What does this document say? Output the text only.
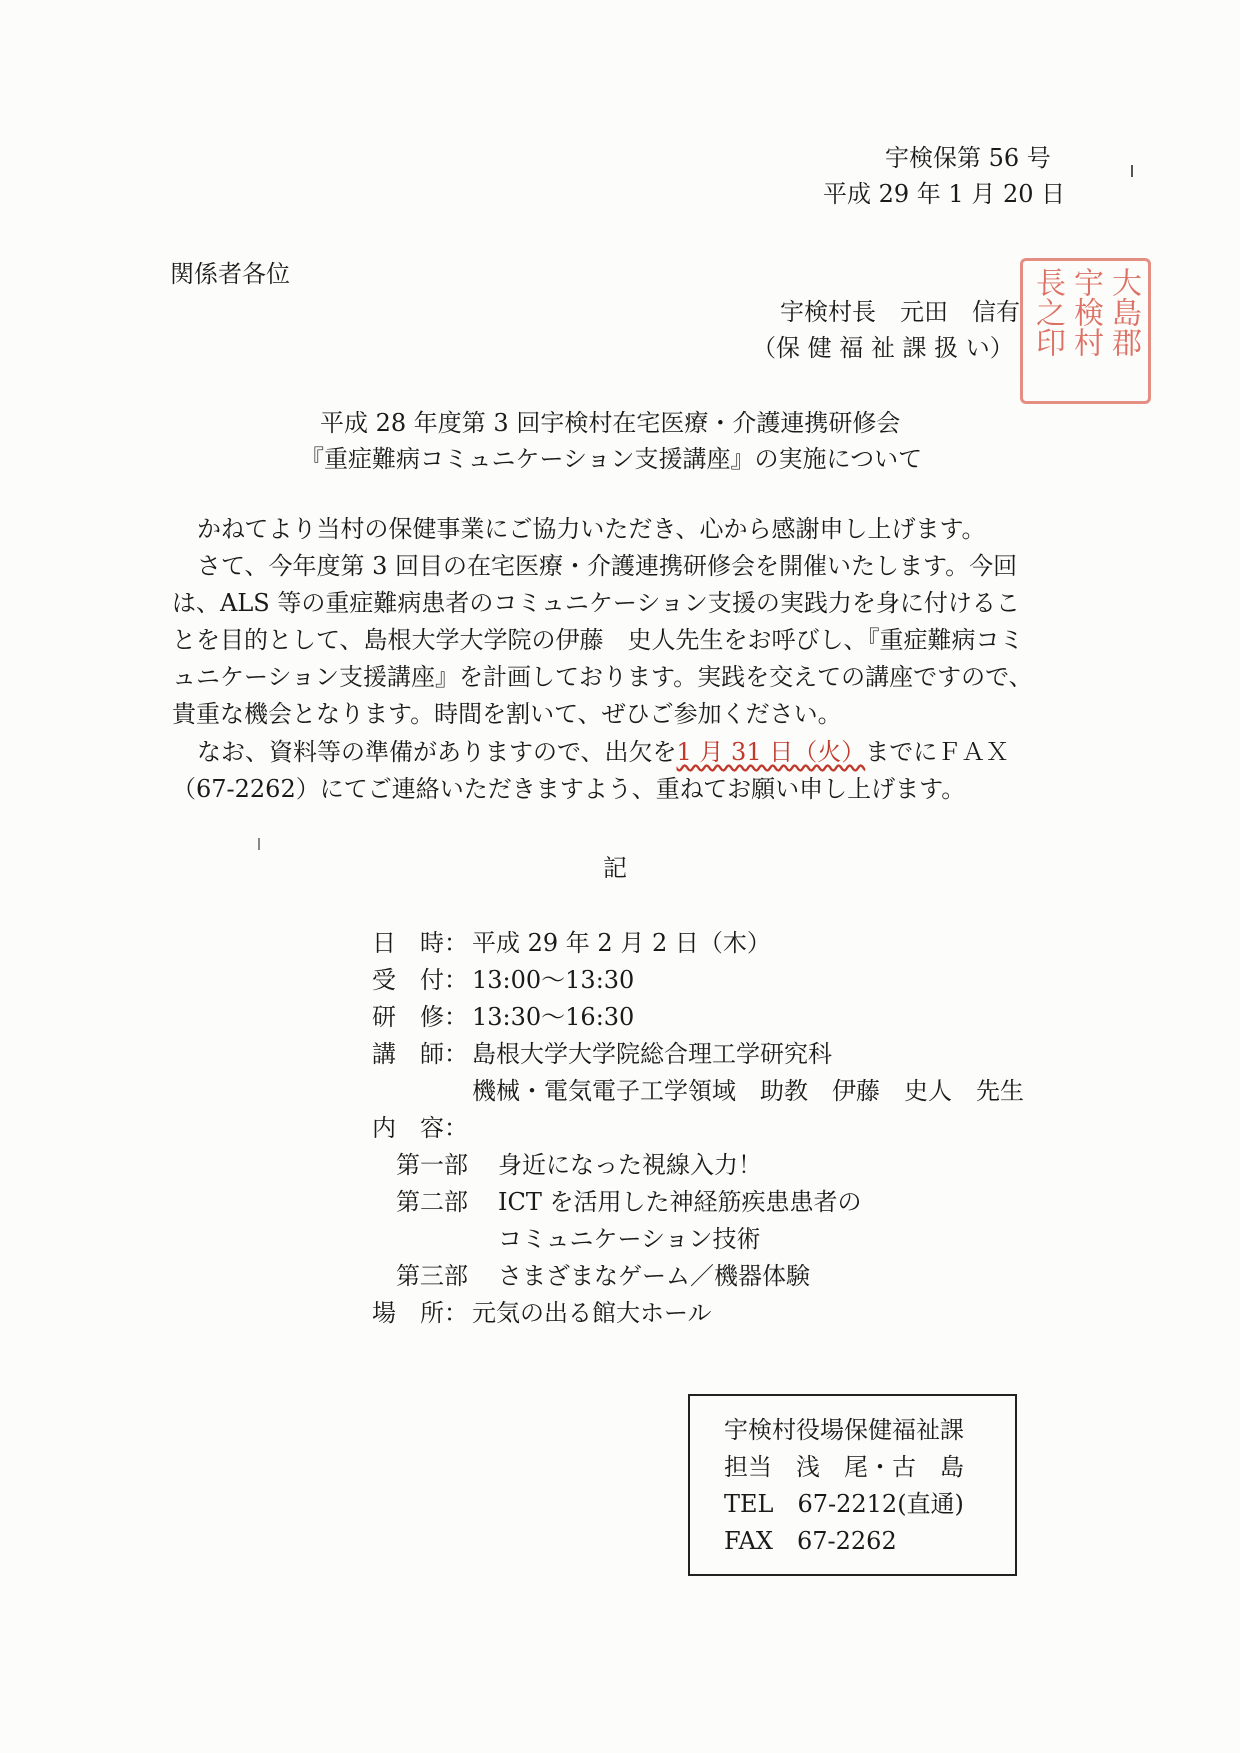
宇検保第 56 号
平成 29 年 1 月 20 日
関係者各位
宇検村長　元田　信有
（保 健 福 祉 課 扱 い）	大島郡
宇検村
長之印
平成 28 年度第 3 回宇検村在宅医療・介護連携研修会
『重症難病コミュニケーション支援講座』の実施について
かねてより当村の保健事業にご協力いただき、心から感謝申し上げます。
さて、今年度第 3 回目の在宅医療・介護連携研修会を開催いたします。今回
は、ALS 等の重症難病患者のコミュニケーション支援の実践力を身に付けるこ
とを目的として、島根大学大学院の伊藤　史人先生をお呼びし、『重症難病コミ
ュニケーション支援講座』を計画しております。実践を交えての講座ですので、
貴重な機会となります。時間を割いて、ぜひご参加ください。
なお、資料等の準備がありますので、出欠を1 月 31 日（火）までにＦＡＸ
（67-2262）にてご連絡いただきますよう、重ねてお願い申し上げます。
記
日　時： 平成 29 年 2 月 2 日（木）
受　付： 13:00〜13:30
研　修： 13:30〜16:30
講　師： 島根大学大学院総合理工学研究科
機械・電気電子工学領域　助教　伊藤　史人　先生
内　容：
第一部 身近になった視線入力！
第二部 ICT を活用した神経筋疾患患者の
コミュニケーション技術
第三部 さまざまなゲーム／機器体験
場　所： 元気の出る館大ホール
宇検村役場保健福祉課
担当　浅　尾・古　島
TEL　67-2212(直通)
FAX　67-2262
